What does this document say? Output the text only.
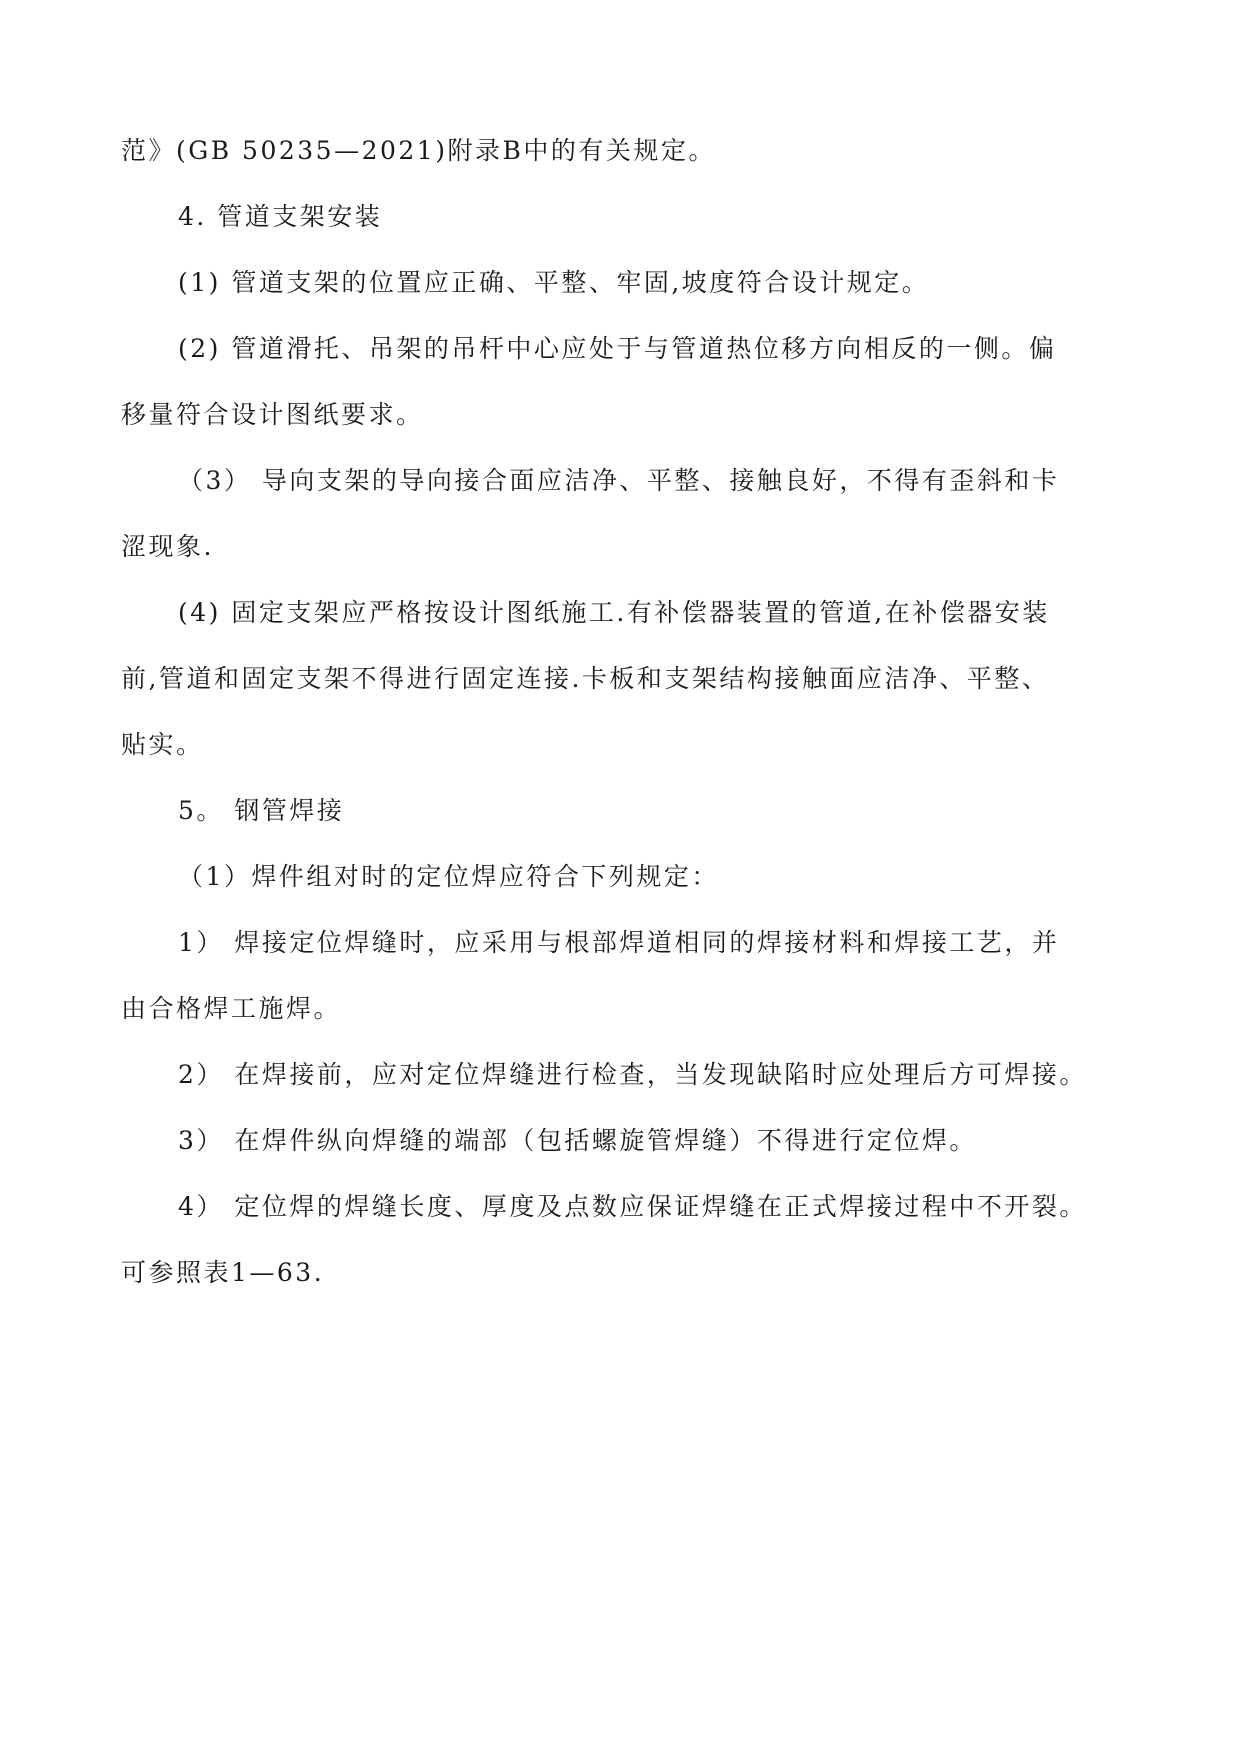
范》(GB 50235—2021)附录B中的有关规定。
4. 管道支架安装
(1) 管道支架的位置应正确、平整、牢固,坡度符合设计规定。
(2) 管道滑托、吊架的吊杆中心应处于与管道热位移方向相反的一侧。偏
移量符合设计图纸要求。
（3） 导向支架的导向接合面应洁净、平整、接触良好，不得有歪斜和卡
涩现象.
(4) 固定支架应严格按设计图纸施工.有补偿器装置的管道,在补偿器安装
前,管道和固定支架不得进行固定连接.卡板和支架结构接触面应洁净、平整、
贴实。
5。 钢管焊接
（1）焊件组对时的定位焊应符合下列规定：
1） 焊接定位焊缝时，应采用与根部焊道相同的焊接材料和焊接工艺，并
由合格焊工施焊。
2） 在焊接前，应对定位焊缝进行检查，当发现缺陷时应处理后方可焊接。
3） 在焊件纵向焊缝的端部（包括螺旋管焊缝）不得进行定位焊。
4） 定位焊的焊缝长度、厚度及点数应保证焊缝在正式焊接过程中不开裂。
可参照表1—63.
